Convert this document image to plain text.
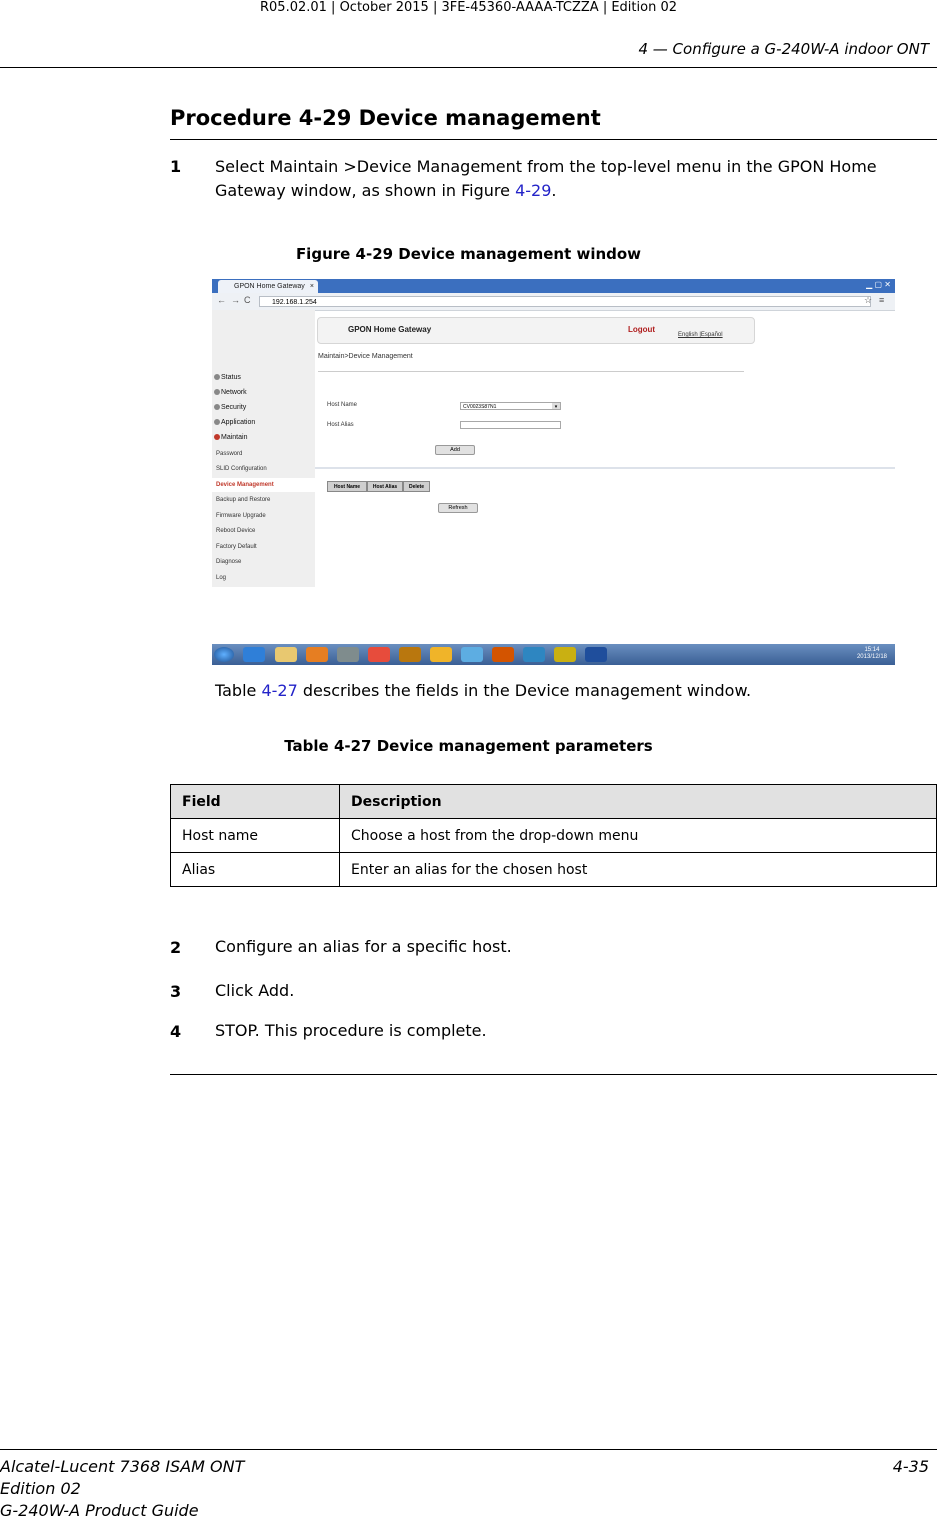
R05.02.01 | October 2015 | 3FE-45360-AAAA-TCZZA | Edition 02
4 — Configure a G-240W-A indoor ONT
Procedure 4-29 Device management
1 Select Maintain >Device Management from the top-level menu in the GPON Home Gateway window, as shown in Figure 4-29.
Figure 4-29 Device management window
GPON Home Gateway ×	▁ ▢ ✕
← → C	192.168.1.254	☆ ≡
Status
Network
Security
Application
Maintain
Password
SLID Configuration
Device Management
Backup and Restore
Firmware Upgrade
Reboot Device
Factory Default
Diagnose
Log
GPON Home Gateway	Logout
English |Español
Maintain>Device Management
Host Name	CV0023S87N1	▾
Host Alias
Add
Host Name	Host Alias	Delete
Refresh
15:14
2013/12/18
Table 4-27 describes the fields in the Device management window.
Table 4-27 Device management parameters
Field	Description
Host name	Choose a host from the drop-down menu
Alias	Enter an alias for the chosen host
2 Configure an alias for a specific host.
3 Click Add.
4 STOP. This procedure is complete.
Alcatel-Lucent 7368 ISAM ONT
Edition 02
G-240W-A Product Guide
4-35
